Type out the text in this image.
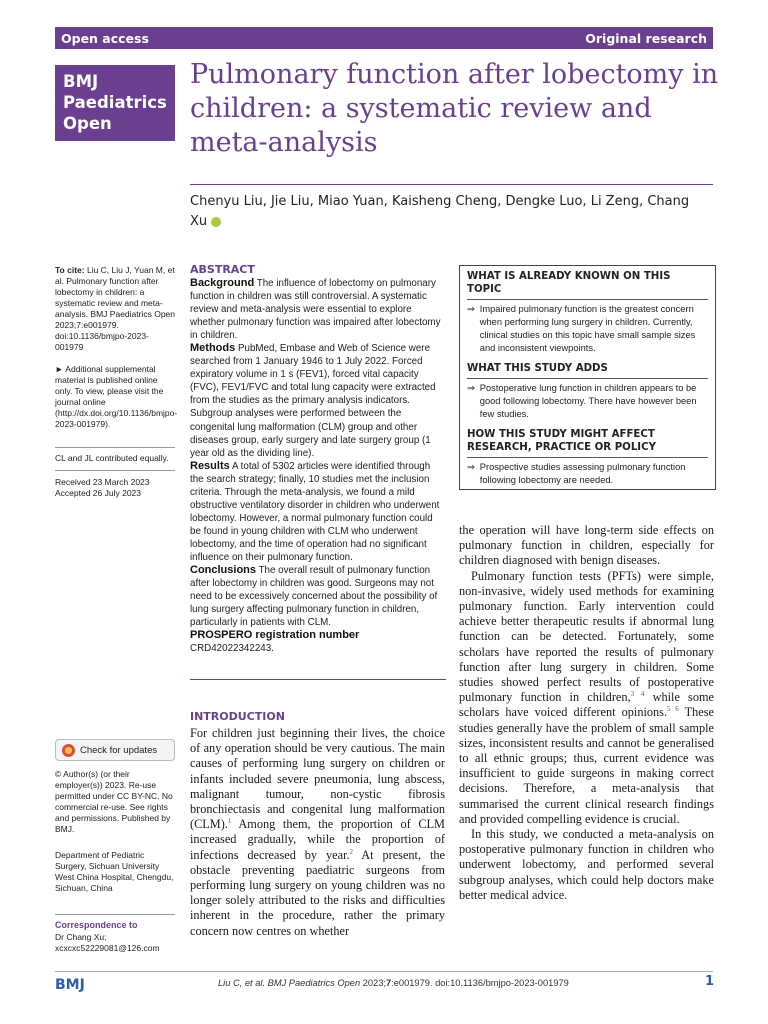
Open access	Original research
BMJ
Paediatrics
Open
Pulmonary function after lobectomy in children: a systematic review and meta-analysis
Chenyu Liu, Jie Liu, Miao Yuan, Kaisheng Cheng, Dengke Luo, Li Zeng, Chang Xu

To cite: Liu C, Liu J, Yuan M, et al. Pulmonary function after lobectomy in children: a systematic review and meta-analysis. BMJ Paediatrics Open 2023;7:e001979. doi:10.1136/bmjpo-2023-001979

► Additional supplemental material is published online only. To view, please visit the journal online (http://dx.doi.org/10.1136/bmjpo-2023-001979).

CL and JL contributed equally.

Received 23 March 2023

Accepted 26 July 2023

Check for updates

© Author(s) (or their employer(s)) 2023. Re-use permitted under CC BY-NC. No commercial re-use. See rights and permissions. Published by BMJ.

Department of Pediatric Surgery, Sichuan University West China Hospital, Chengdu, Sichuan, China

Correspondence to

Dr Chang Xu;

xcxcxc52229081@126.com

ABSTRACT

Background The influence of lobectomy on pulmonary function in children was still controversial. A systematic review and meta-analysis were essential to explore whether pulmonary function was impaired after lobectomy in children.

Methods PubMed, Embase and Web of Science were searched from 1 January 1946 to 1 July 2022. Forced expiratory volume in 1 s (FEV1), forced vital capacity (FVC), FEV1/FVC and total lung capacity were extracted from the studies as the primary analysis indicators. Subgroup analyses were performed between the congenital lung malformation (CLM) group and other diseases group, early surgery and late surgery group (1 year old as the dividing line).

Results A total of 5302 articles were identified through the search strategy; finally, 10 studies met the inclusion criteria. Through the meta-analysis, we found a mild obstructive ventilatory disorder in children who underwent lobectomy. However, a normal pulmonary function could be found in young children with CLM who underwent lobectomy, and the time of operation had no significant influence on their pulmonary function.

Conclusions The overall result of pulmonary function after lobectomy in children was good. Surgeons may not need to be excessively concerned about the possibility of lung surgery affecting pulmonary function in children, particularly in patients with CLM.

PROSPERO registration number CRD42022342243.

WHAT IS ALREADY KNOWN ON THIS TOPIC
⇒ Impaired pulmonary function is the greatest concern when performing lung surgery in children. Currently, clinical studies on this topic have small sample sizes and inconsistent viewpoints.
WHAT THIS STUDY ADDS
⇒ Postoperative lung function in children appears to be good following lobectomy. There have however been few studies.
HOW THIS STUDY MIGHT AFFECT RESEARCH, PRACTICE OR POLICY
⇒ Prospective studies assessing pulmonary function following lobectomy are needed.
INTRODUCTION

For children just beginning their lives, the choice of any operation should be very cautious. The main causes of performing lung surgery on children or infants included severe pneumonia, lung abscess, malignant tumour, non-cystic fibrosis bronchiectasis and congenital lung malformation (CLM).$^1$ Among them, the proportion of CLM increased gradually, while the proportion of infections decreased by year.$^2$ At present, the obstacle preventing paediatric surgeons from performing lung surgery on young children was no longer solely attributed to the risks and difficulties inherent in the procedure, rather the primary concern now centres on whether

the operation will have long-term side effects on pulmonary function in children, especially for children diagnosed with benign diseases.

Pulmonary function tests (PFTs) were simple, non-invasive, widely used methods for examining pulmonary function. Early intervention could achieve better therapeutic results if abnormal lung function can be detected. Fortunately, some scholars have reported the results of pulmonary function after lung surgery in children. Some studies showed perfect results of postoperative pulmonary function in children,$^{3 4}$ while some scholars have voiced different opinions.$^{5 6}$ These studies generally have the problem of small sample sizes, inconsistent results and cannot be generalised to all ethnic groups; thus, current evidence was insufficient to guide surgeons in making correct decisions. Therefore, a meta-analysis that summarised the current clinical research findings and provided compelling evidence is crucial.

In this study, we conducted a meta-analysis on postoperative pulmonary function in children who underwent lobectomy, and performed several subgroup analyses, which could help doctors make better medical advice.

BMJ	Liu C, et al. BMJ Paediatrics Open 2023;7:e001979. doi:10.1136/bmjpo-2023-001979	1
